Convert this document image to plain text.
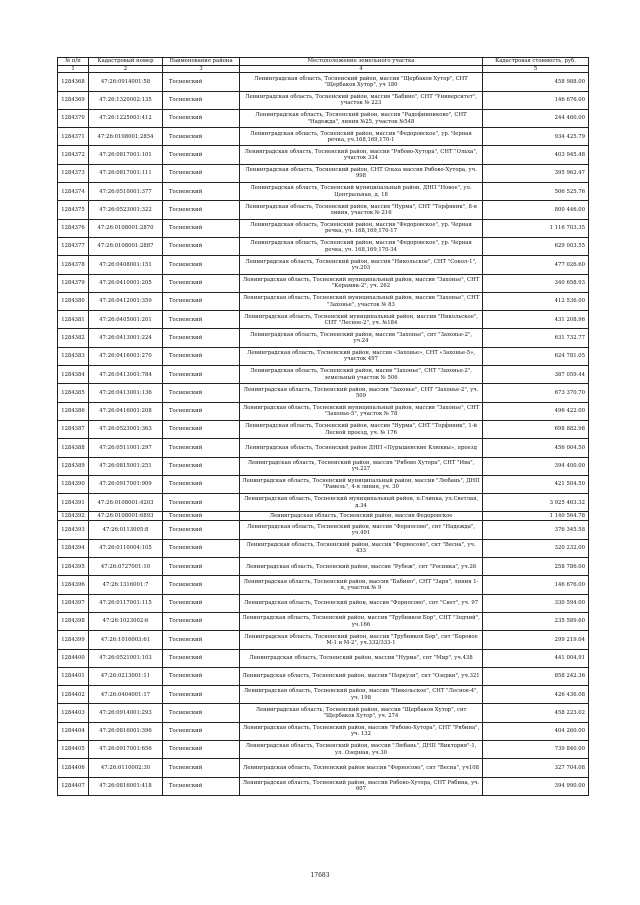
№ п/п	Кадастровый номер	Наименование района	Местоположение земельного участка	Кадастровая стоимость, руб.
1	2	3	4	5
1284368	47:26:0914001:58	Тосненский	Ленинградская область, Тосненский район, массив "Щербаков Хутор", СНТ "Щербаков Хутор", уч 180	458 988.00
1284369	47:26:1320002:135	Тосненский	Ленинградская область, Тосненский район, массив "Бабино", СНТ "Университет", участок № 223	146 676.00
1284370	47:26:1225001:412	Тосненский	Ленинградская область, Тосненский район, массив "Радофинниково", СНТ "Надежда", линия №25, участок №548	244 460.00
1284371	47:26:0108001:2854	Тосненский	Ленинградская область, Тосненский район, массив "Федоровское", ур. Черная речка, уч.168,169,170-1	934 425.79
1284372	47:26:0817001:101	Тосненский	Ленинградская область, Тосненский район, массив "Рябово-Хутора", СНТ "Ольха", участок 334	403 945.48
1284373	47:26:0817001:111	Тосненский	Ленинградская область, Тосненский район, СНТ Ольха массив Рябово-Хутора, уч. 998	395 962.47
1284374	47:26:0510001:377	Тосненский	Ленинградская область, Тосненский муниципальный район, ДНП "Новое", ул. Центральная, д. 18	506 525.76
1284375	47:26:0523001:322	Тосненский	Ленинградская область, Тосненский район, массив "Нурма", СНТ "Торфяник", 8-я линия, участок № 216	800 446.00
1284376	47:26:0108001:2870	Тосненский	Ленинградская область, Тосненский район, массив "Федоровское", ур. Черная речка, уч. 168,169,170-17	1 116 703.35
1284377	47:26:0108001:2887	Тосненский	Ленинградская область, Тосненский район, массив "Федоровское", ур. Черная речка, уч. 168,169,170-34	629 003.55
1284378	47:26:0408001:151	Тосненский	Ленинградская область, Тосненский район, массив "Никольское", СНТ "Сокол-1", уч.203	477 026.60
1284379	47:26:0410001:205	Тосненский	Ленинградская область, Тосненский муниципальный район, массив "Захонье", СНТ "Керамик-2", уч. 262	340 658.93
1284380	47:26:0412001:359	Тосненский	Ленинградская область, Тосненский муниципальный район, массив "Захонье", СНТ "Захонье", участок № 83	412 536.00
1284381	47:26:0405001:201	Тосненский	Ленинградская область, Тосненский муниципальный район, массив "Никольское", СНТ "Лесное-2", уч. №184	431 208.96
1284382	47:26:0413001:224	Тосненский	Ленинградская область, Тосненский район, массив "Захонье", снт "Захонье-2", уч.24	631 732.77
1284383	47:26:0416001:270	Тосненский	Ленинградская область, Тосненский район, массив «Захонье», СНТ «Захонье-5», участок 497	624 781.05
1284384	47:26:0413001:784	Тосненский	Ленинградская область, Тосненский район, масив "Захонье", СНТ "Захонье-2", земельный участок № 506	387 059.44
1284385	47:26:0413001:136	Тосненский	Ленинградская область, Тосненский район, массив "Захонье", СНТ "Захонье-2", уч. 509	673 370.70
1284386	47:26:0416001:208	Тосненский	Ленинградская область, Тосненский муниципальный район, массив "Захонье", СНТ "Захонье-5", участок № 78	496 422.00
1284387	47:26:0523001:363	Тосненский	Ленинградская область, Тосненский район, массив "Нурма", СНТ "Торфяник", 1-й Лесной проезд, уч. № 176	698 882.98
1284388	47:26:0511001:297	Тосненский	Ленинградская область, Тосненский район ДНП «Пурышевские Клюквы», проезд	456 004.50
1284389	47:26:0815001:251	Тосненский	Ленинградская область, Тосненский район, массив "Рябово Хутора", СНТ "Ива", уч.227	394 400.00
1284390	47:26:0917001:909	Тосненский	Ленинградская область, Тосненский муниципальный район, массив "Любань", ДНП "Рамель", 4-я линия, уч. 30	421 504.50
1284391	47:26:0108001:4203	Тосненский	Ленинградская область, Тосненский муниципальный район, п.Глинка, ул.Светлая, д.34	3 925 463.32
1284392	47:26:0108001:6893	Тосненский	Ленинградская область, Тосненский район, массив Федоровское	1 140 564.78
1284393	47:26:0113005:8	Тосненский	Ленинградская область, Тосненский район, массив "Форносово", снт "Надежда", уч.491	376 345.58
1284394	47:26:0110004:105	Тосненский	Ленинградская область, Тосненский район, массив "Форносово", снт "Весна", уч. 433	320 232.00
1284395	47:26:0727001:10	Тосненский	Ленинградская область, Тосненский район, массив "Рубеж", снт "Росинка", уч.26	258 786.00
1284396	47:26:1316001:7	Тосненский	Ленинградская область, Тосненский район, массив "Бабино", СНТ "Заря", линия 1-я, участок № 9	146 676.00
1284397	47:26:0117001:115	Тосненский	Ленинградская область, Тосненский район, массив "Форносово", снт "Свет", уч. 97	330 594.00
1284398	47:26:1023002:6	Тосненский	Ленинградская область, Тосненский район, массив "Трубников Бор", СНТ "Зодчий", уч.166	235 589.60
1284399	47:26:1016003:61	Тосненский	Ленинградская область, Тосненский район, массив "Трубников Бор", снт "Боровое М-1 и М-2", уч.332/333-1	299 219.04
1284400	47:26:0521001:103	Тосненский	Ленинградская область, Тосненский район, массив "Нурма", снт "Мир", уч.438	441 004.91
1284401	47:26:0213001:11	Тосненский	Ленинградская область, Тосненский район, массив "Поркузи", снт "Озерки", уч.321	858 242.36
1284402	47:26:0404001:17	Тосненский	Ленинградская область, Тосненский район, массив "Никольское", СНТ "Лесное-4", уч. 198	426 436.08
1284403	47:26:0914001:293	Тосненский	Ленинградская область, Тосненский район, массив "Щербаков Хутор", снт "Щербаков Хутор", уч. 274	458 223.02
1284404	47:26:0816001:396	Тосненский	Ленинградская область, Тосненский район, массив "Рябово-Хутора", СНТ "Рябина", уч. 132	404 260.00
1284405	47:26:0917001:656	Тосненский	Ленинградская область, Тосненский район, массив "Любань", ДНП "Виктория"-1, ул. Озерная, уч.30	739 840.00
1284406	47:26:0110002:30	Тосненский	Ленинградская область, Тосненский район массив "Форносово", снт "Весна", уч108	327 704.08
1284407	47:26:0816001:418	Тосненский	Ленинградская область, Тосненский район, массив Рябово-Хутора, СНТ Рябина, уч. 607	394 990.00
17683
